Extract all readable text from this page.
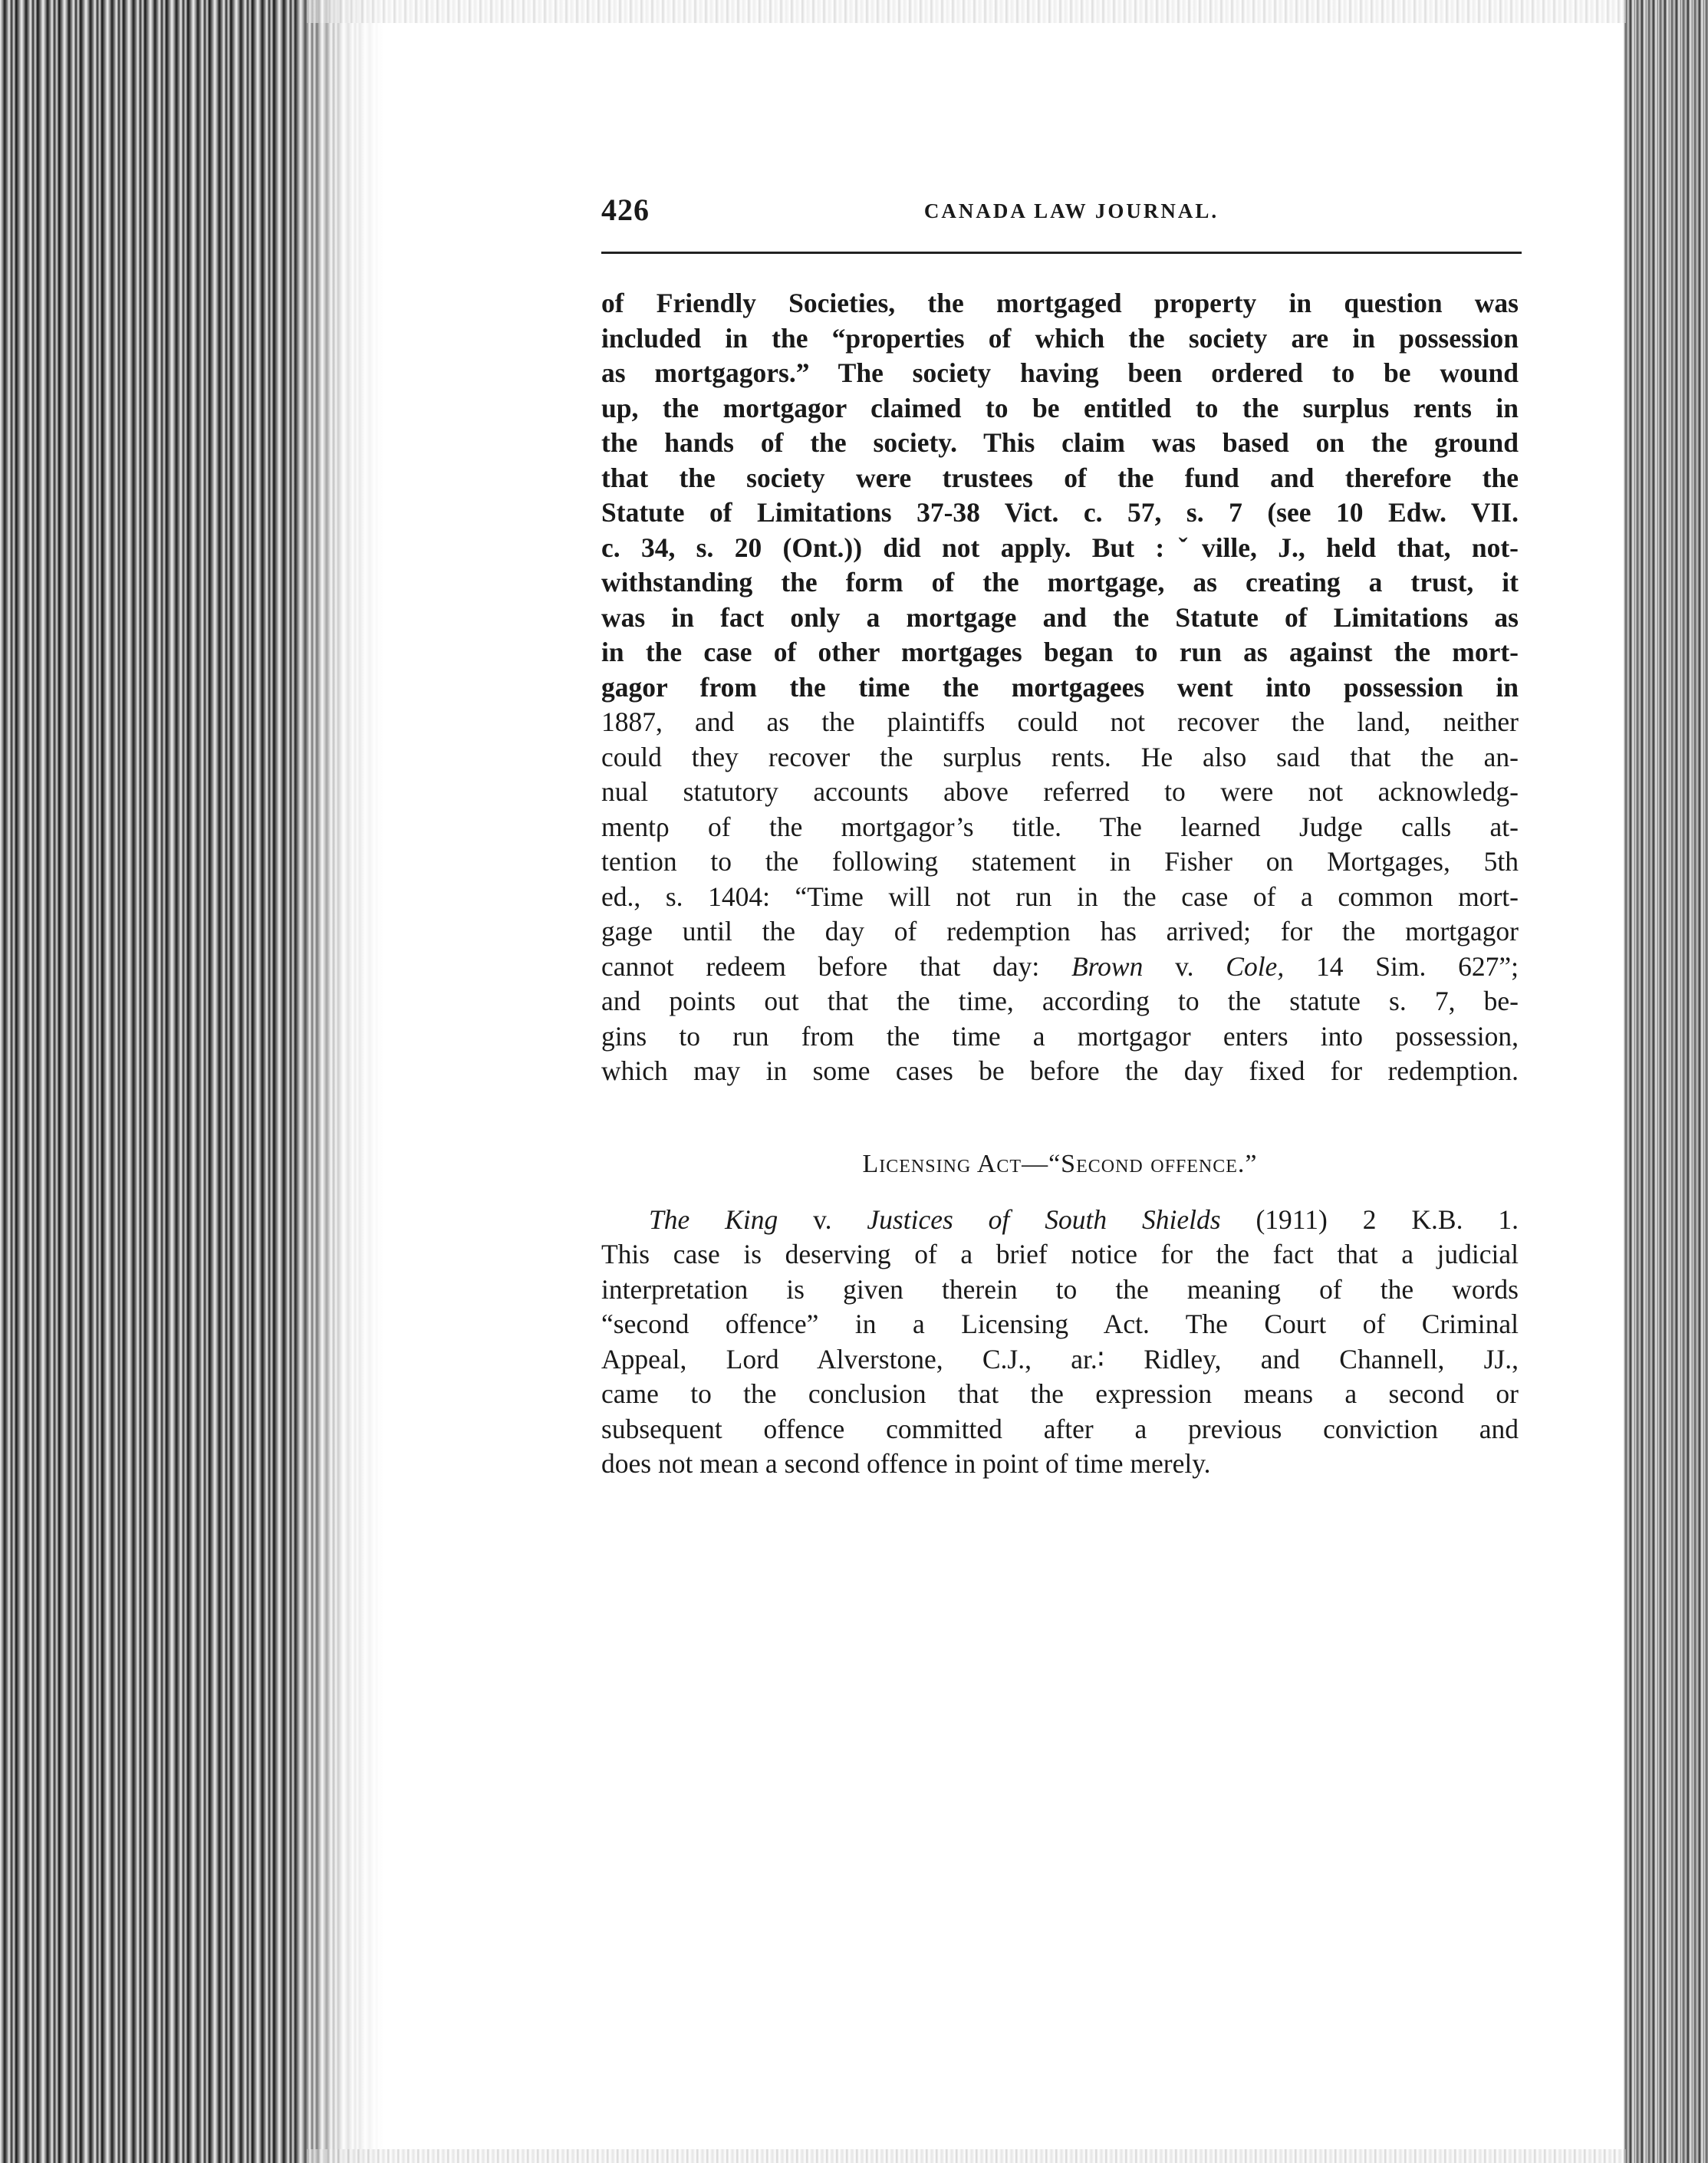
426	CANADA LAW JOURNAL.
of Friendly Societies, the mortgaged property in question was
included in the “properties of which the society are in possession
as mortgagors.” The society having been ordered to be wound
up, the mortgagor claimed to be entitled to the surplus rents in
the hands of the society. This claim was based on the ground
that the society were trustees of the fund and therefore the
Statute of Limitations 37-38 Vict. c. 57, s. 7 (see 10 Edw. VII.
c. 34, s. 20 (Ont.)) did not apply. But :ˇville, J., held that, not-
withstanding the form of the mortgage, as creating a trust, it
was in fact only a mortgage and the Statute of Limitations as
in the case of other mortgages began to run as against the mort-
gagor from the time the mortgagees went into possession in
1887, and as the plaintiffs could not recover the land, neither
could they recover the surplus rents. He also saıd that the an-
nual statutory accounts above referred to were not acknowledg-
mentρ of the mortgagor’s title. The learned Judge calls at-
tention to the following statement in Fisher on Mortgages, 5th
ed., s. 1404: “Time will not run in the case of a common mort-
gage until the day of redemption has arrived; for the mortgagor
cannot redeem before that day: Brown v. Cole, 14 Sim. 627”;
and points out that the time, according to the statute s. 7, be-
gins to run from the time a mortgagor enters into possession,
which may in some cases be before the day fixed for redemption.
Licensing Act—“Second offence.”
The King v. Justices of South Shields (1911) 2 K.B. 1.
This case is deserving of a brief notice for the fact that a judicial
interpretation is given therein to the meaning of the words
“second offence” in a Licensing Act. The Court of Criminal
Appeal, Lord Alverstone, C.J., ar.∶ Ridley, and Channell, JJ.,
came to the conclusion that the expression means a second or
subsequent offence committed after a previous conviction and
does not mean a second offence in point of time merely.
